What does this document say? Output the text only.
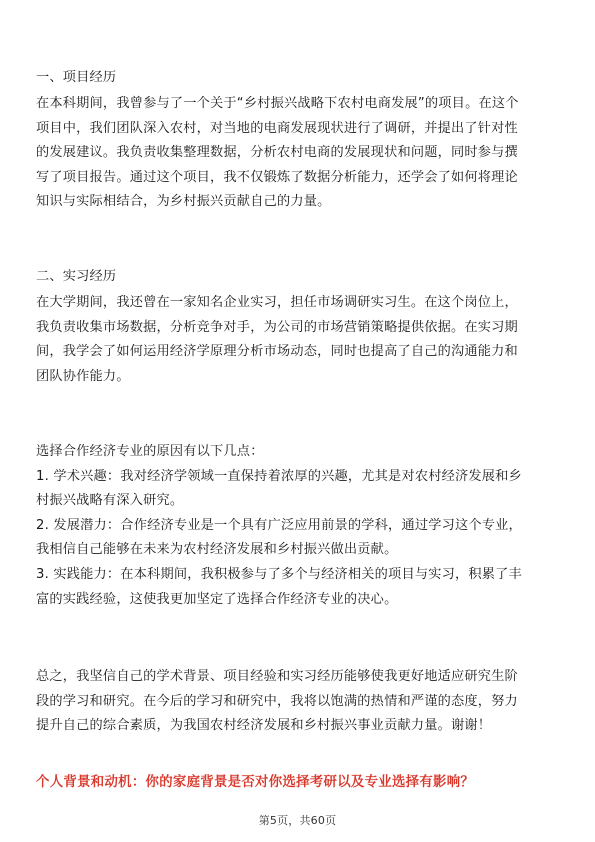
一、项目经历
在本科期间，我曾参与了一个关于“乡村振兴战略下农村电商发展”的项目。在这个
项目中，我们团队深入农村，对当地的电商发展现状进行了调研，并提出了针对性
的发展建议。我负责收集整理数据，分析农村电商的发展现状和问题，同时参与撰
写了项目报告。通过这个项目，我不仅锻炼了数据分析能力，还学会了如何将理论
知识与实际相结合，为乡村振兴贡献自己的力量。
二、实习经历
在大学期间，我还曾在一家知名企业实习，担任市场调研实习生。在这个岗位上，
我负责收集市场数据，分析竞争对手，为公司的市场营销策略提供依据。在实习期
间，我学会了如何运用经济学原理分析市场动态，同时也提高了自己的沟通能力和
团队协作能力。
选择合作经济专业的原因有以下几点：
1. 学术兴趣：我对经济学领域一直保持着浓厚的兴趣，尤其是对农村经济发展和乡
村振兴战略有深入研究。
2. 发展潜力：合作经济专业是一个具有广泛应用前景的学科，通过学习这个专业，
我相信自己能够在未来为农村经济发展和乡村振兴做出贡献。
3. 实践能力：在本科期间，我积极参与了多个与经济相关的项目与实习，积累了丰
富的实践经验，这使我更加坚定了选择合作经济专业的决心。
总之，我坚信自己的学术背景、项目经验和实习经历能够使我更好地适应研究生阶
段的学习和研究。在今后的学习和研究中，我将以饱满的热情和严谨的态度，努力
提升自己的综合素质，为我国农村经济发展和乡村振兴事业贡献力量。谢谢！
个人背景和动机：你的家庭背景是否对你选择考研以及专业选择有影响？
第5页，共60页
